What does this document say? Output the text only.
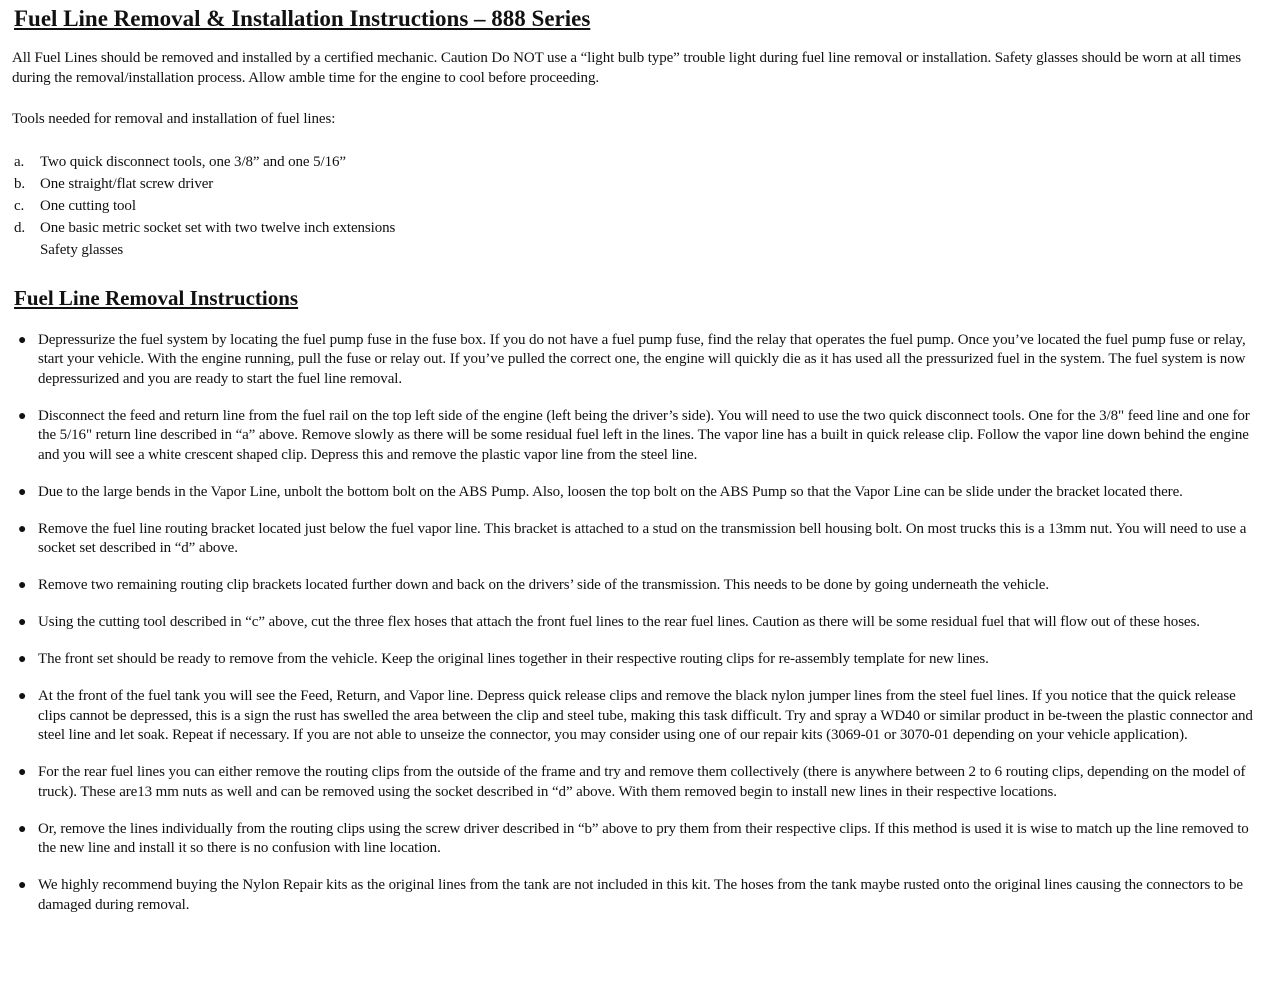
Fuel Line Removal & Installation Instructions – 888 Series

All Fuel Lines should be removed and installed by a certified mechanic. Caution Do NOT use a “light bulb type” trouble light during fuel line removal or installation. Safety glasses should be worn at all times during the removal/installation process. Allow amble time for the engine to cool before proceeding.

Tools needed for removal and installation of fuel lines:

a.	Two quick disconnect tools, one 3/8” and one 5/16”
b. One straight/flat screw driver
c.	One cutting tool
d. One basic metric socket set with two twelve inch extensions
Safety glasses
Fuel Line Removal Instructions
● Depressurize the fuel system by locating the fuel pump fuse in the fuse box. If you do not have a fuel pump fuse, find the relay that operates the fuel pump. Once you’ve located the fuel pump fuse or relay, start your vehicle. With the engine running, pull the fuse or relay out. If you’ve pulled the correct one, the engine will quickly die as it has used all the pressurized fuel in the system. The fuel system is now depressurized and you are ready to start the fuel line removal.
● Disconnect the feed and return line from the fuel rail on the top left side of the engine (left being the driver’s side). You will need to use the two quick disconnect tools. One for the 3/8" feed line and one for the 5/16" return line described in “a” above. Remove slowly as there will be some residual fuel left in the lines. The vapor line has a built in quick release clip. Follow the vapor line down behind the engine and you will see a white crescent shaped clip. Depress this and remove the plastic vapor line from the steel line.
● Due to the large bends in the Vapor Line, unbolt the bottom bolt on the ABS Pump. Also, loosen the top bolt on the ABS Pump so that the Vapor Line can be slide under the bracket located there.
● Remove the fuel line routing bracket located just below the fuel vapor line. This bracket is attached to a stud on the transmission bell housing bolt. On most trucks this is a 13mm nut. You will need to use a socket set described in “d” above.
● Remove two remaining routing clip brackets located further down and back on the drivers’ side of the transmission. This needs to be done by going underneath the vehicle.
● Using the cutting tool described in “c” above, cut the three flex hoses that attach the front fuel lines to the rear fuel lines. Caution as there will be some residual fuel that will flow out of these hoses.
● The front set should be ready to remove from the vehicle. Keep the original lines together in their respective routing clips for re-assembly template for new lines.
● At the front of the fuel tank you will see the Feed, Return, and Vapor line. Depress quick release clips and remove the black nylon jumper lines from the steel fuel lines. If you notice that the quick release clips cannot be depressed, this is a sign the rust has swelled the area between the clip and steel tube, making this task difficult. Try and spray a WD40 or similar product in be-tween the plastic connector and steel line and let soak. Repeat if necessary. If you are not able to unseize the connector, you may consider using one of our repair kits (3069-01 or 3070-01 depending on your vehicle application).
● For the rear fuel lines you can either remove the routing clips from the outside of the frame and try and remove them collectively (there is anywhere between 2 to 6 routing clips, depending on the model of truck). These are13 mm nuts as well and can be removed using the socket described in “d” above. With them removed begin to install new lines in their respective locations.
● Or, remove the lines individually from the routing clips using the screw driver described in “b” above to pry them from their respective clips. If this method is used it is wise to match up the line removed to the new line and install it so there is no confusion with line location.
● We highly recommend buying the Nylon Repair kits as the original lines from the tank are not included in this kit. The hoses from the tank maybe rusted onto the original lines causing the connectors to be damaged during removal.
